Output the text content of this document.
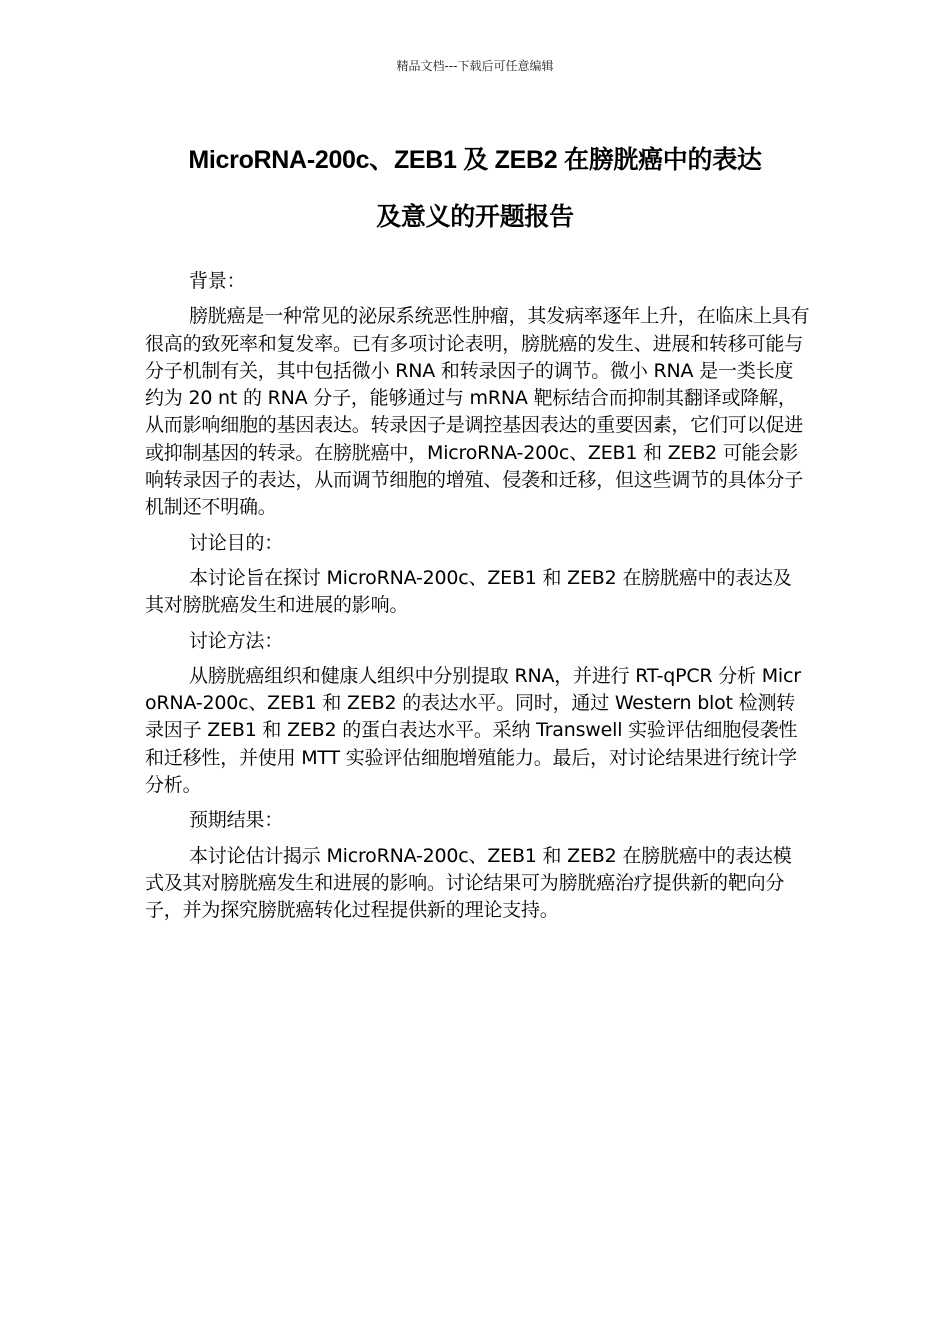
精品文档---下载后可任意编辑
MicroRNA-200c、ZEB1 及 ZEB2 在膀胱癌中的表达
及意义的开题报告

背景：

膀胱癌是一种常见的泌尿系统恶性肿瘤，其发病率逐年上升，在临床上具有很高的致死率和复发率。已有多项讨论表明，膀胱癌的发生、进展和转移可能与分子机制有关，其中包括微小 RNA 和转录因子的调节。微小 RNA 是一类长度约为 20 nt 的 RNA 分子，能够通过与 mRNA 靶标结合而抑制其翻译或降解，从而影响细胞的基因表达。转录因子是调控基因表达的重要因素，它们可以促进或抑制基因的转录。在膀胱癌中，MicroRNA-200c、ZEB1 和 ZEB2 可能会影响转录因子的表达，从而调节细胞的增殖、侵袭和迁移，但这些调节的具体分子机制还不明确。

讨论目的：

本讨论旨在探讨 MicroRNA-200c、ZEB1 和 ZEB2 在膀胱癌中的表达及其对膀胱癌发生和进展的影响。

讨论方法：

从膀胱癌组织和健康人组织中分别提取 RNA，并进行 RT-qPCR 分析 MicroRNA-200c、ZEB1 和 ZEB2 的表达水平。同时，通过 Western blot 检测转录因子 ZEB1 和 ZEB2 的蛋白表达水平。采纳 Transwell 实验评估细胞侵袭性和迁移性，并使用 MTT 实验评估细胞增殖能力。最后，对讨论结果进行统计学分析。

预期结果：

本讨论估计揭示 MicroRNA-200c、ZEB1 和 ZEB2 在膀胱癌中的表达模式及其对膀胱癌发生和进展的影响。讨论结果可为膀胱癌治疗提供新的靶向分子，并为探究膀胱癌转化过程提供新的理论支持。
